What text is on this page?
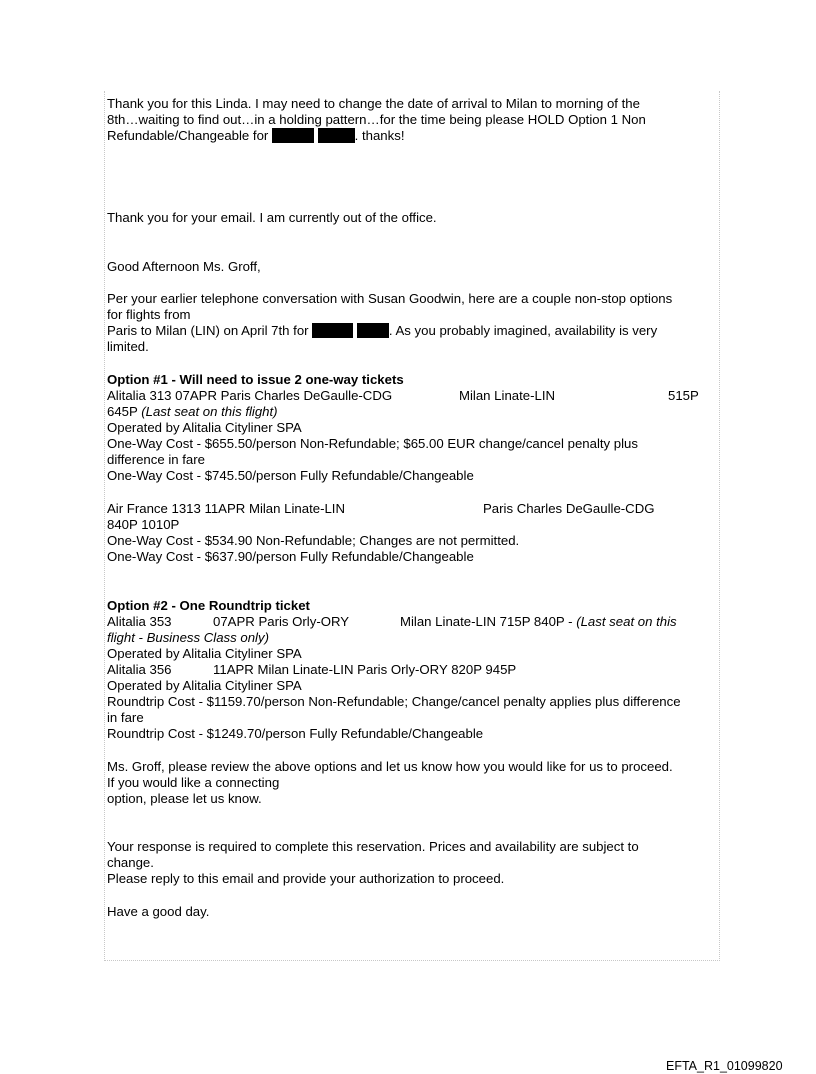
Thank you for this Linda. I may need to change the date of arrival to Milan to morning of the
8th…waiting to find out…in a holding pattern…for the time being please HOLD Option 1 Non
Refundable/Changeable for	. thanks!
Thank you for your email. I am currently out of the office.
Good Afternoon Ms. Groff,
Per your earlier telephone conversation with Susan Goodwin, here are a couple non-stop options
for flights from
Paris to Milan (LIN) on April 7th for	. As you probably imagined, availability is very
limited.
Option #1 - Will need to issue 2 one-way tickets
Alitalia 313 07APR Paris Charles DeGaulle-CDG	Milan Linate-LIN	515P
645P (Last seat on this flight)
Operated by Alitalia Cityliner SPA
One-Way Cost - $655.50/person Non-Refundable; $65.00 EUR change/cancel penalty plus
difference in fare
One-Way Cost - $745.50/person Fully Refundable/Changeable
Air France 1313 11APR Milan Linate-LIN	Paris Charles DeGaulle-CDG
840P 1010P
One-Way Cost - $534.90 Non-Refundable; Changes are not permitted.
One-Way Cost - $637.90/person Fully Refundable/Changeable
Option #2 - One Roundtrip ticket
Alitalia 353	07APR Paris Orly-ORY	Milan Linate-LIN 715P 840P - (Last seat on this
flight - Business Class only)
Operated by Alitalia Cityliner SPA
Alitalia 356	11APR Milan Linate-LIN Paris Orly-ORY 820P 945P
Operated by Alitalia Cityliner SPA
Roundtrip Cost - $1159.70/person Non-Refundable; Change/cancel penalty applies plus difference
in fare
Roundtrip Cost - $1249.70/person Fully Refundable/Changeable
Ms. Groff, please review the above options and let us know how you would like for us to proceed.
If you would like a connecting
option, please let us know.
Your response is required to complete this reservation. Prices and availability are subject to
change.
Please reply to this email and provide your authorization to proceed.
Have a good day.
EFTA_R1_01099820
